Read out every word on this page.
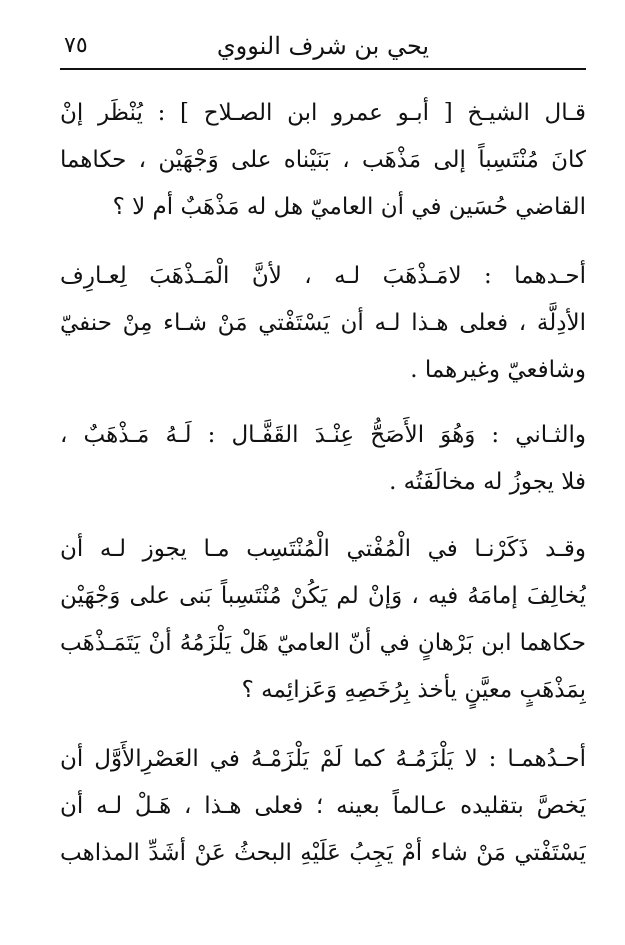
يحي بن شرف النووي
٧٥
قـال الشيـخ [ أبـو عمرو ابن الصـلاح ] : يُنْظَر إنْ
كانَ مُنْتَسِباً إلى مَذْهَب ، بَنَيْناه على وَجْهَيْن ، حكاهما
القاضي حُسَين في أن العاميّ هل له مَذْهَبٌ أم لا ؟
أحـدهما : لامَـذْهَبَ لـه ، لأنَّ الْمَـذْهَبَ لِعـارِف
الأدِلَّة ، فعلى هـذا لـه أن يَسْتَفْتي مَنْ شـاء مِنْ حنفيّ
وشافعيّ وغيرهما .
والثـاني : وَهُوَ الأَصَحُّ عِنْـدَ القَفَّـال : لَـهُ مَـذْهَبٌ ،
فلا يجوزُ له مخالَفَتُه .
وقـد ذَكَرْنـا في الْمُفْتي الْمُنْتَسِب مـا يجوز لـه أن
يُخالِفَ إمامَهُ فيه ، وَإنْ لم يَكُنْ مُنْتَسِباً بَنى على وَجْهَيْن
حكاهما ابن بَرْهانٍ في أنّ العاميّ هَلْ يَلْزَمُهُ أنْ يَتَمَـذْهَب
بِمَذْهَبٍ معيَّنٍ يأخذ بِرُخَصِهِ وَعَزائِمه ؟
أحـدُهمـا : لا يَلْزَمُـهُ كما لَمْ يَلْزَمْـهُ في العَصْرِالأَوَّل أن
يَخصَّ بتقليده عـالماً بعينه ؛ فعلى هـذا ، هَـلْ لـه أن
يَسْتَفْتي مَنْ شاء أمْ يَجِبُ عَلَيْهِ البحثُ عَنْ أشَدِّ المذاهب
